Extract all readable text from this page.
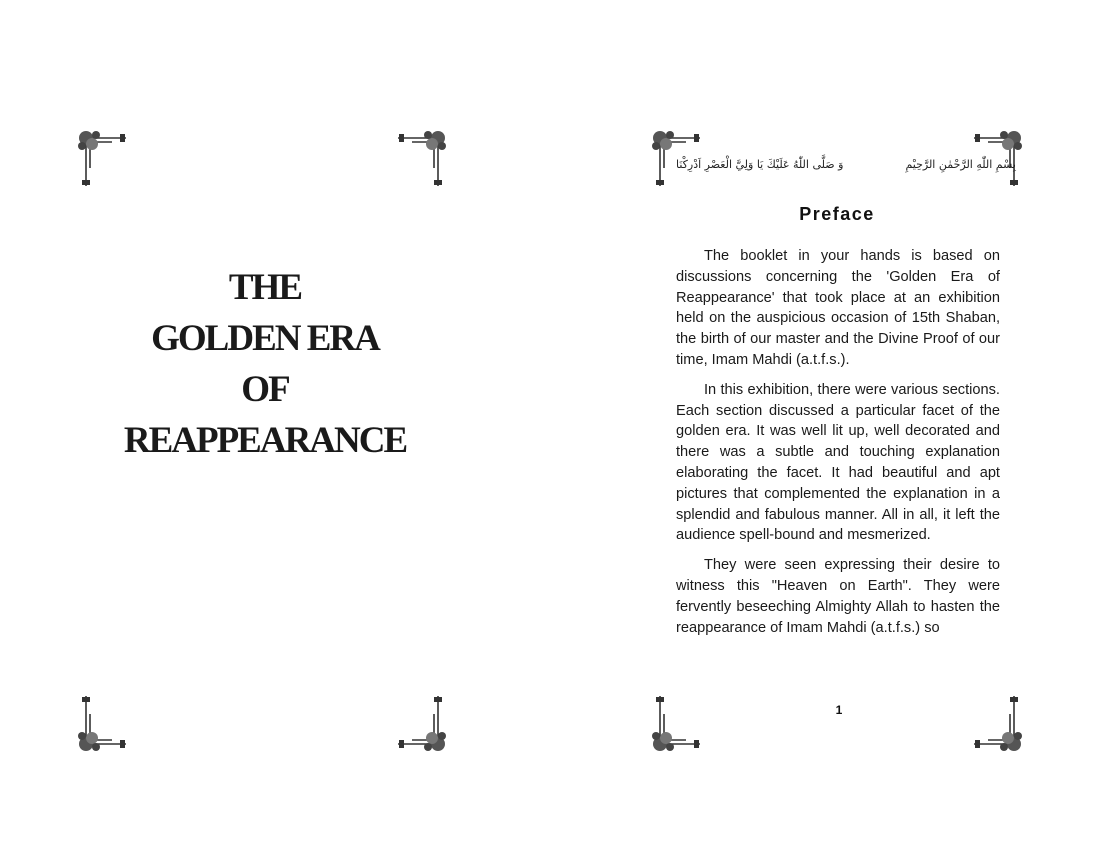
THE
GOLDEN ERA
OF
REAPPEARANCE
بِسْمِ اللّٰهِ الرَّحْمٰنِ الرَّحِيْمِ
وَ صَلَّى اللّٰهُ عَلَيْكَ يَا وَلِيَّ الْعَصْرِ اَدْرِكْنَا
Preface

The booklet in your hands is based on discussions concerning the 'Golden Era of Reappearance' that took place at an exhibition held on the auspicious occasion of 15th Shaban, the birth of our master and the Divine Proof of our time, Imam Mahdi (a.t.f.s.).

In this exhibition, there were various sections. Each section discussed a particular facet of the golden era. It was well lit up, well decorated and there was a subtle and touching explanation elaborating the facet. It had beautiful and apt pictures that complemented the explanation in a splendid and fabulous manner. All in all, it left the audience spell-bound and mesmerized.

They were seen expressing their desire to witness this "Heaven on Earth". They were fervently beseeching Almighty Allah to hasten the reappearance of Imam Mahdi (a.t.f.s.) so

1
